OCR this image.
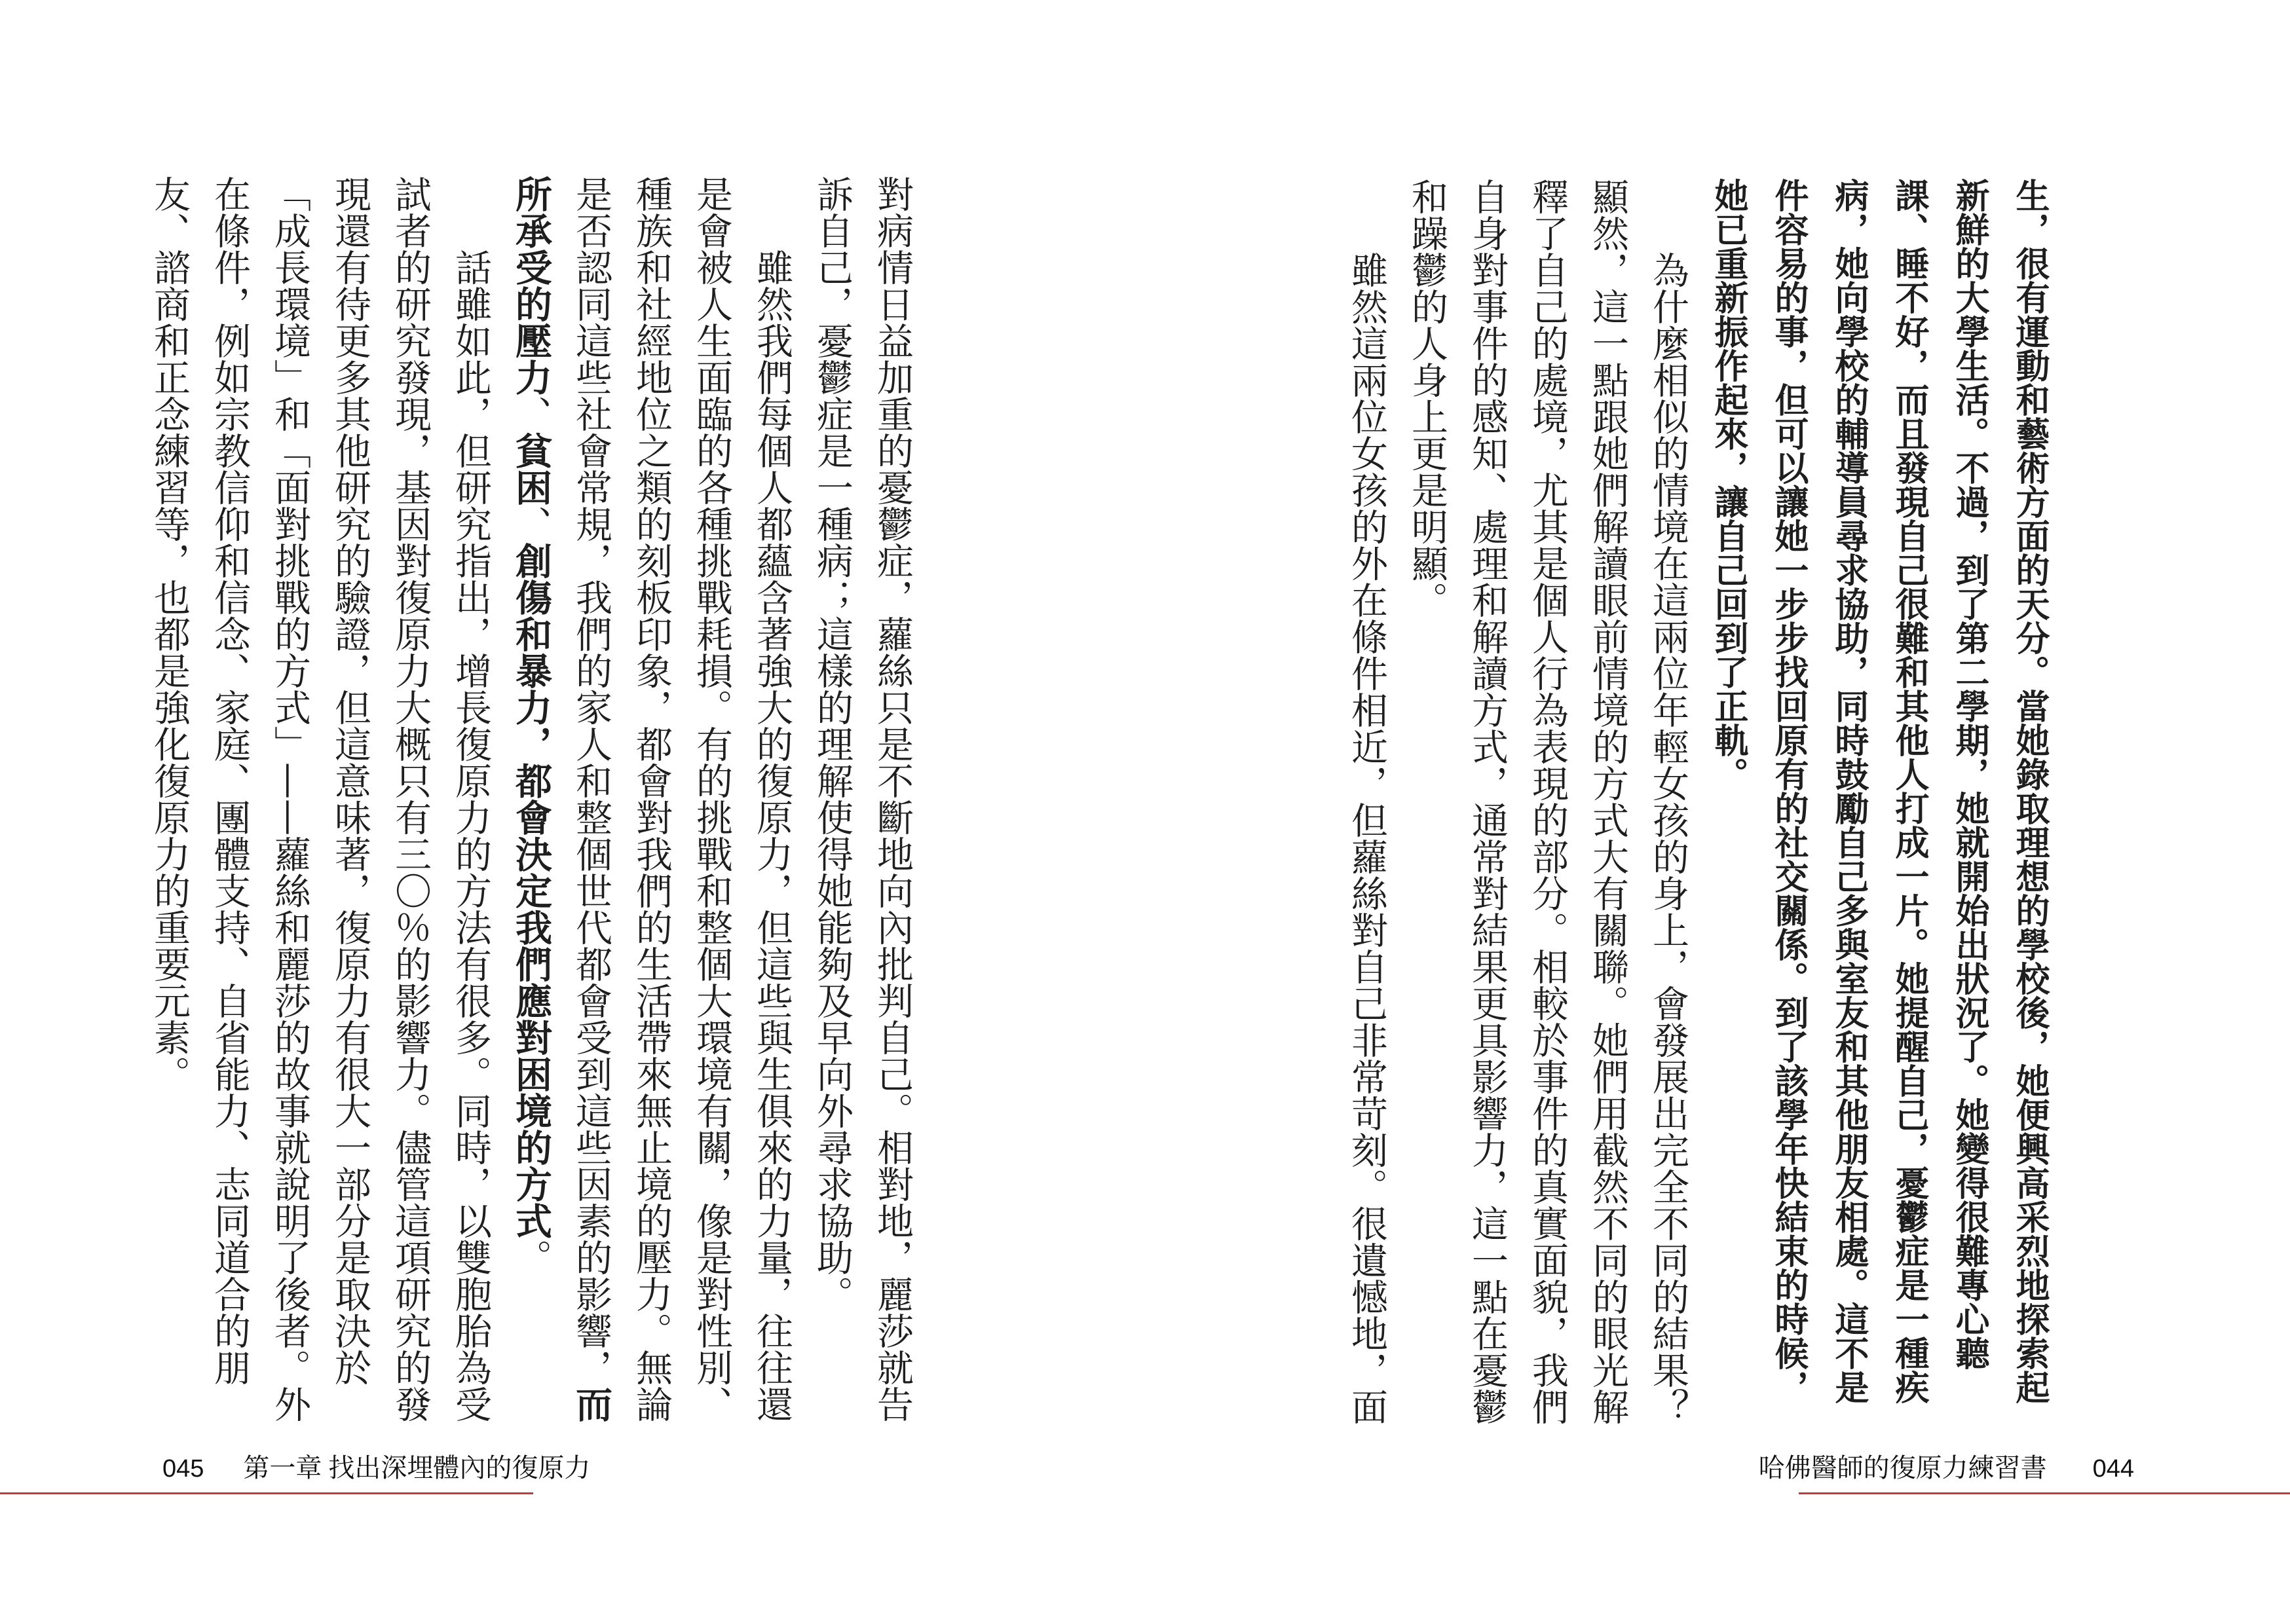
對病情日益加重的憂鬱症，蘿絲只是不斷地向內批判自己。相對地，麗莎就告訴自己，憂鬱症是一種病；這樣的理解使得她能夠及早向外尋求協助。

雖然我們每個人都蘊含著強大的復原力，但這些與生俱來的力量，往往還是會被人生面臨的各種挑戰耗損。有的挑戰和整個大環境有關，像是對性別、種族和社經地位之類的刻板印象，都會對我們的生活帶來無止境的壓力。無論是否認同這些社會常規，我們的家人和整個世代都會受到這些因素的影響，而所承受的壓力、貧困、創傷和暴力，都會決定我們應對困境的方式。

話雖如此，但研究指出，增長復原力的方法有很多。同時，以雙胞胎為受試者的研究發現，基因對復原力大概只有三〇％的影響力。儘管這項研究的發現還有待更多其他研究的驗證，但這意味著，復原力有很大一部分是取決於「成長環境」和「面對挑戰的方式」——蘿絲和麗莎的故事就說明了後者。外在條件，例如宗教信仰和信念、家庭、團體支持、自省能力、志同道合的朋友、諮商和正念練習等，也都是強化復原力的重要元素。

045 第一章 找出深埋體內的復原力

生，很有運動和藝術方面的天分。當她錄取理想的學校後，她便興高采烈地探索起新鮮的大學生活。不過，到了第二學期，她就開始出狀況了。她變得很難專心聽課、睡不好，而且發現自己很難和其他人打成一片。她提醒自己，憂鬱症是一種疾病，她向學校的輔導員尋求協助，同時鼓勵自己多與室友和其他朋友相處。這不是件容易的事，但可以讓她一步步找回原有的社交關係。到了該學年快結束的時候，她已重新振作起來，讓自己回到了正軌。

為什麼相似的情境在這兩位年輕女孩的身上，會發展出完全不同的結果？顯然，這一點跟她們解讀眼前情境的方式大有關聯。她們用截然不同的眼光解釋了自己的處境，尤其是個人行為表現的部分。相較於事件的真實面貌，我們自身對事件的感知、處理和解讀方式，通常對結果更具影響力，這一點在憂鬱和躁鬱的人身上更是明顯。

雖然這兩位女孩的外在條件相近，但蘿絲對自己非常苛刻。很遺憾地，面

哈佛醫師的復原力練習書 044
